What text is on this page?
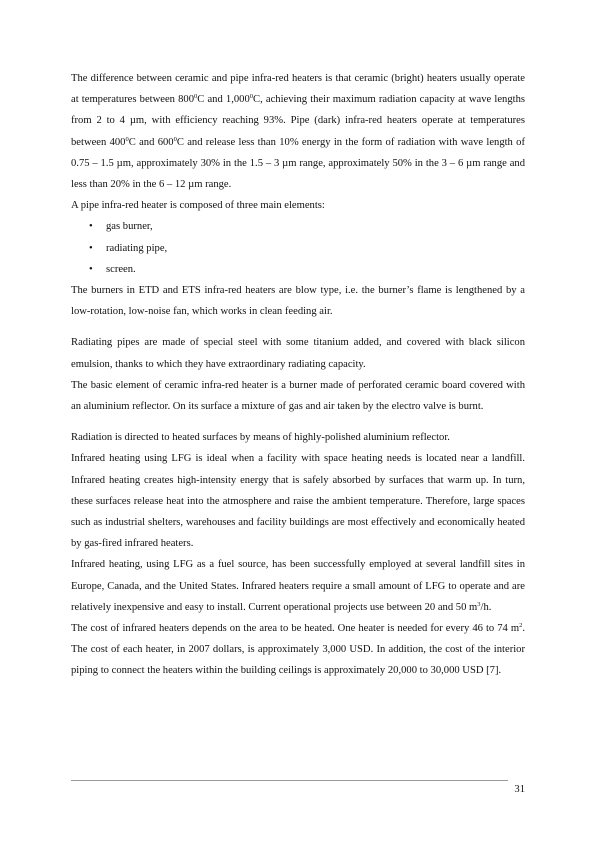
The difference between ceramic and pipe infra-red heaters is that ceramic (bright) heaters usually operate at temperatures between $800^0C$ and 1,000$^0$C, achieving their maximum radiation capacity at wave lengths from 2 to 4 µm, with efficiency reaching 93%. Pipe (dark) infra-red heaters operate at temperatures between $400^0C$ and $600^0C$ and release less than 10% energy in the form of radiation with wave length of 0.75 – 1.5 µm, approximately 30% in the 1.5 – 3 µm range, approximately 50% in the 3 – 6 µm range and less than 20% in the 6 – 12 µm range.

A pipe infra-red heater is composed of three main elements:

• gas burner,
• radiating pipe,
• screen.

The burners in ETD and ETS infra-red heaters are blow type, i.e. the burner’s flame is lengthened by a low-rotation, low-noise fan, which works in clean feeding air.

Radiating pipes are made of special steel with some titanium added, and covered with black silicon emulsion, thanks to which they have extraordinary radiating capacity.

The basic element of ceramic infra-red heater is a burner made of perforated ceramic board covered with an aluminium reflector. On its surface a mixture of gas and air taken by the electro valve is burnt.

Radiation is directed to heated surfaces by means of highly-polished aluminium reflector.

Infrared heating using LFG is ideal when a facility with space heating needs is located near a landfill. Infrared heating creates high-intensity energy that is safely absorbed by surfaces that warm up. In turn, these surfaces release heat into the atmosphere and raise the ambient temperature. Therefore, large spaces such as industrial shelters, warehouses and facility buildings are most effectively and economically heated by gas-fired infrared heaters.

Infrared heating, using LFG as a fuel source, has been successfully employed at several landfill sites in Europe, Canada, and the United States. Infrared heaters require a small amount of LFG to operate and are relatively inexpensive and easy to install. Current operational projects use between 20 and 50 $m^3/h$.

The cost of infrared heaters depends on the area to be heated. One heater is needed for every 46 to 74 $m^2$. The cost of each heater, in 2007 dollars, is approximately 3,000 USD. In addition, the cost of the interior piping to connect the heaters within the building ceilings is approximately 20,000 to 30,000 USD [7].

31
